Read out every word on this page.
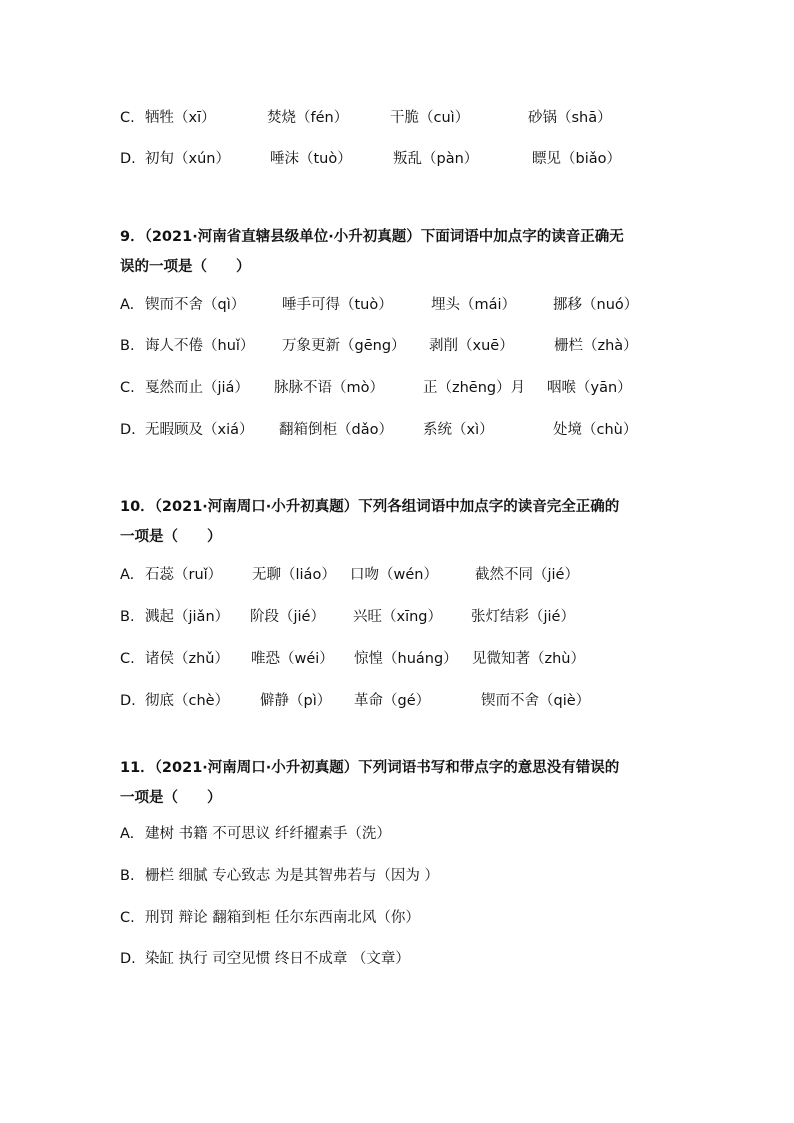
C. 牺牲（xī）	焚烧（fén）	干脆（cuì）	砂锅（shā）
D. 初旬（xún）	唾沫（tuò）	叛乱（pàn）	瞟见（biǎo）
9．（2021·河南省直辖县级单位·小升初真题）下面词语中加点字的读音正确无
误的一项是（　　）
A. 锲而不舍（qì）	唾手可得（tuò）	埋头（mái）	挪移（nuó）
B. 诲人不倦（huǐ） 万象更新（gēng） 剥削（xuē）	栅栏（zhà）
C. 戛然而止（jiá） 脉脉不语（mò）	正（zhēng）月 咽喉（yān）
D. 无暇顾及（xiá） 翻箱倒柜（dǎo） 系统（xì）	处境（chù）
10．（2021·河南周口·小升初真题）下列各组词语中加点字的读音完全正确的
一项是（　　）
A. 石蕊（ruǐ） 无聊（liáo） 口吻（wén）	截然不同（jié）
B. 溅起（jiǎn） 阶段（jié） 兴旺（xīng） 张灯结彩（jié）
C. 诸侯（zhǔ） 唯恐（wéi） 惊惶（huáng） 见微知著（zhù）
D. 彻底（chè） 僻静（pì） 革命（gé）	锲而不舍（qiè）
11．（2021·河南周口·小升初真题）下列词语书写和带点字的意思没有错误的
一项是（　　）
A. 建树 书籍 不可思议 纤纤擢素手（洗）
B. 栅栏 细腻 专心致志 为是其智弗若与（因为 ）
C. 刑罚 辩论 翻箱到柜 任尔东西南北风（你）
D. 染缸 执行 司空见惯 终日不成章 （文章）
